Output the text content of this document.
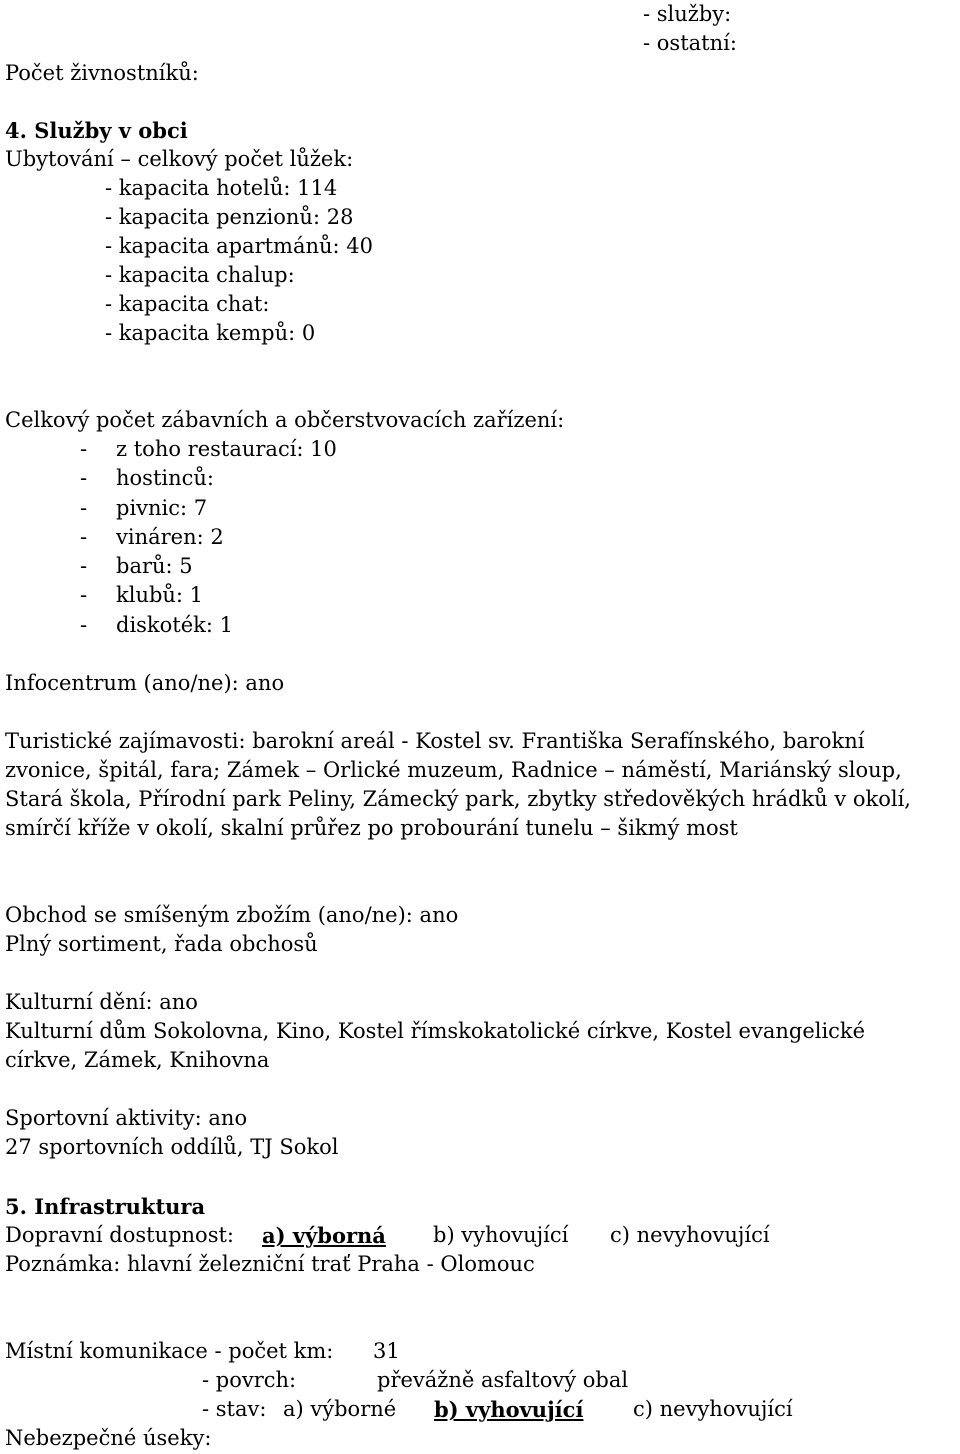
- služby:
- ostatní:
Počet živnostníků:
4. Služby v obci
Ubytování – celkový počet lůžek:
- kapacita hotelů: 114
- kapacita penzionů: 28
- kapacita apartmánů: 40
- kapacita chalup:
- kapacita chat:
- kapacita kempů: 0
Celkový počet zábavních a občerstvovacích zařízení:
- z toho restaurací: 10
- hostinců:
- pivnic: 7
- vináren: 2
- barů: 5
- klubů: 1
- diskoték: 1
Infocentrum (ano/ne): ano
Turistické zajímavosti: barokní areál - Kostel sv. Františka Serafínského, barokní
zvonice, špitál, fara; Zámek – Orlické muzeum, Radnice – náměstí, Mariánský sloup,
Stará škola, Přírodní park Peliny, Zámecký park, zbytky středověkých hrádků v okolí,
smírčí kříže v okolí, skalní průřez po probourání tunelu – šikmý most
Obchod se smíšeným zbožím (ano/ne): ano
Plný sortiment, řada obchosů
Kulturní dění: ano
Kulturní dům Sokolovna, Kino, Kostel římskokatolické církve, Kostel evangelické
církve, Zámek, Knihovna
Sportovní aktivity: ano
27 sportovních oddílů, TJ Sokol
5. Infrastruktura
Dopravní dostupnost: a) výborná b) vyhovující c) nevyhovující
Poznámka: hlavní železniční trať Praha - Olomouc
Místní komunikace - počet km: 31
- povrch:	převážně asfaltový obal
- stav: a) výborné b) vyhovující c) nevyhovující
Nebezpečné úseky:
